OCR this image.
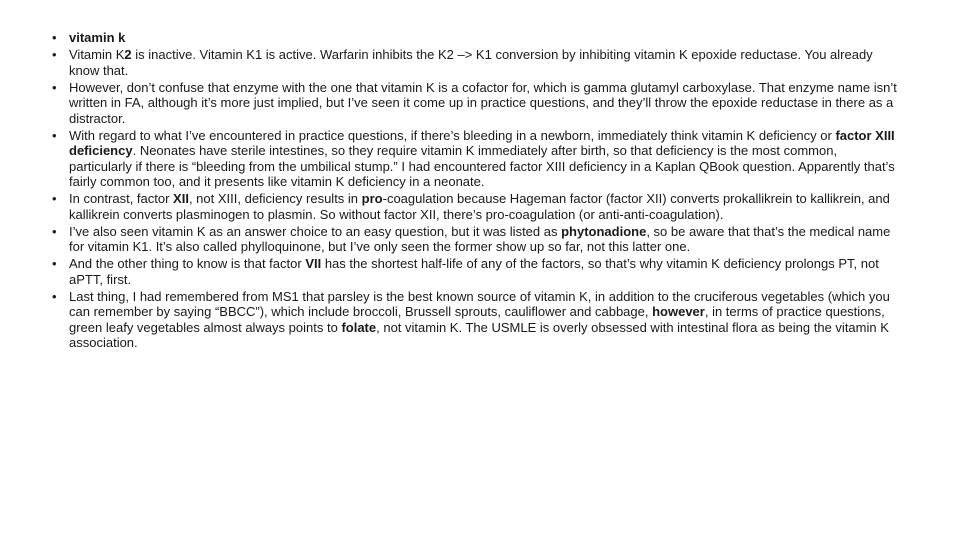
• vitamin k
• Vitamin K2 is inactive. Vitamin K1 is active. Warfarin inhibits the K2 –> K1 conversion by inhibiting vitamin K epoxide reductase. You already know that.
• However, don’t confuse that enzyme with the one that vitamin K is a cofactor for, which is gamma glutamyl carboxylase. That enzyme name isn’t written in FA, although it’s more just implied, but I’ve seen it come up in practice questions, and they’ll throw the epoxide reductase in there as a distractor.
• With regard to what I’ve encountered in practice questions, if there’s bleeding in a newborn, immediately think vitamin K deficiency or factor XIII deficiency. Neonates have sterile intestines, so they require vitamin K immediately after birth, so that deficiency is the most common, particularly if there is “bleeding from the umbilical stump.” I had encountered factor XIII deficiency in a Kaplan QBook question. Apparently that’s fairly common too, and it presents like vitamin K deficiency in a neonate.
• In contrast, factor XII, not XIII, deficiency results in pro-coagulation because Hageman factor (factor XII) converts prokallikrein to kallikrein, and kallikrein converts plasminogen to plasmin. So without factor XII, there’s pro-coagulation (or anti-anti-coagulation).
• I’ve also seen vitamin K as an answer choice to an easy question, but it was listed as phytonadione, so be aware that that’s the medical name for vitamin K1. It’s also called phylloquinone, but I’ve only seen the former show up so far, not this latter one.
• And the other thing to know is that factor VII has the shortest half-life of any of the factors, so that’s why vitamin K deficiency prolongs PT, not aPTT, first.
• Last thing, I had remembered from MS1 that parsley is the best known source of vitamin K, in addition to the cruciferous vegetables (which you can remember by saying “BBCC”), which include broccoli, Brussell sprouts, cauliflower and cabbage, however, in terms of practice questions, green leafy vegetables almost always points to folate, not vitamin K. The USMLE is overly obsessed with intestinal flora as being the vitamin K association.
